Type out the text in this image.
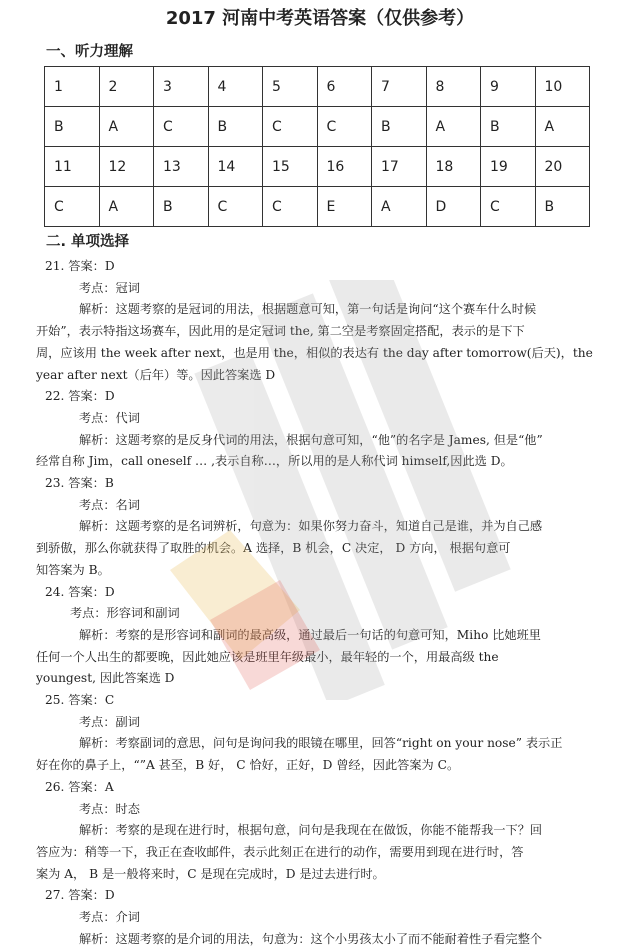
2017 河南中考英语答案（仅供参考）
一、听力理解
1	2	3	4	5	6	7	8	9	10
B	A	C	B	C	C	B	A	B	A
11	12	13	14	15	16	17	18	19	20
C	A	B	C	C	E	A	D	C	B
二. 单项选择

21. 答案：D

考点：冠词

解析：这题考察的是冠词的用法，根据题意可知，第一句话是询问“这个赛车什么时候

开始”，表示特指这场赛车，因此用的是定冠词 the, 第二空是考察固定搭配，表示的是下下

周，应该用 the week after next，也是用 the，相似的表达有 the day after tomorrow(后天)，the

year after next（后年）等。因此答案选 D

22. 答案：D

考点：代词

解析：这题考察的是反身代词的用法，根据句意可知，“他”的名字是 James, 但是“他”

经常自称 Jim，call oneself … ,表示自称…，所以用的是人称代词 himself,因此选 D。

23. 答案：B

考点：名词

解析：这题考察的是名词辨析，句意为：如果你努力奋斗，知道自己是谁，并为自己感

到骄傲，那么你就获得了取胜的机会。A 选择，B 机会，C 决定， D 方向， 根据句意可

知答案为 B。

24. 答案：D

考点：形容词和副词

解析：考察的是形容词和副词的最高级，通过最后一句话的句意可知，Miho 比她班里

任何一个人出生的都要晚，因此她应该是班里年级最小，最年轻的一个，用最高级 the

youngest, 因此答案选 D

25. 答案：C

考点：副词

解析：考察副词的意思，问句是询问我的眼镜在哪里，回答“right on your nose” 表示正

好在你的鼻子上，“”A 甚至，B 好， C 恰好，正好，D 曾经，因此答案为 C。

26. 答案：A

考点：时态

解析：考察的是现在进行时，根据句意，问句是我现在在做饭，你能不能帮我一下？回

答应为：稍等一下，我正在查收邮件，表示此刻正在进行的动作，需要用到现在进行时，答

案为 A， B 是一般将来时，C 是现在完成时，D 是过去进行时。

27. 答案：D

考点：介词

解析：这题考察的是介词的用法，句意为：这个小男孩太小了而不能耐着性子看完整个
